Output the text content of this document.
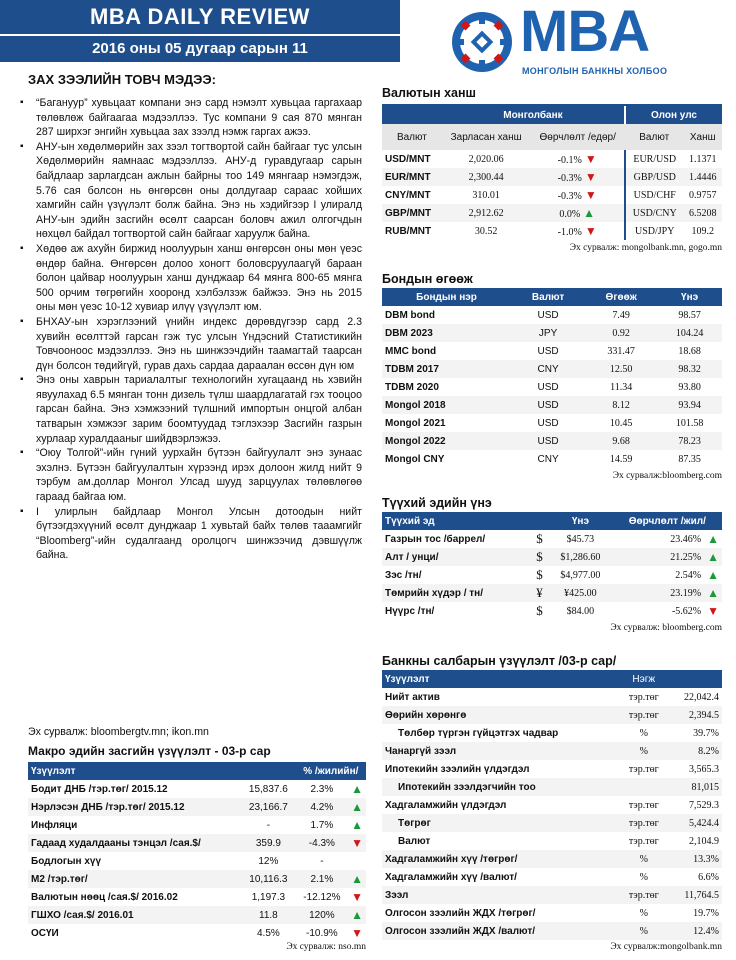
MBA DAILY REVIEW
2016 оны 05 дугаар сарын 11	MBA
МОНГОЛЫН БАНКНЫ ХОЛБОО
ЗАХ ЗЭЭЛИЙН ТОВЧ МЭДЭЭ:
▪ “Багануур” хувьцаат компани энэ сард нэмэлт хувьцаа гаргахаар төлөвлөж байгаагаа мэдээллээ. Тус компани 9 сая 870 мянган 287 ширхэг энгийн хувьцаа зах зээлд нэмж гаргах ажээ.
▪ АНУ-ын хөдөлмөрийн зах зээл тогтвортой сайн байгааг тус улсын Хөдөлмөрийн яамнаас мэдээллээ. АНУ-д гуравдугаар сарын байдлаар зарлагдсан ажлын байрны тоо 149 мянгаар нэмэгдэж, 5.76 сая болсон нь өнгөрсөн оны долдугаар сараас хойших хамгийн сайн үзүүлэлт болж байна. Энэ нь хэдийгээр I улиралд АНУ-ын эдийн засгийн өсөлт саарсан боловч ажил олгогчдын нөхцөл байдал тогтвортой сайн байгааг харуулж байна.
▪ Хөдөө аж ахуйн биржид ноолуурын ханш өнгөрсөн оны мөн үеэс өндөр байна. Өнгөрсөн долоо хоногт боловсруулаагүй бараан болон цайвар ноолуурын ханш дунджаар 64 мянга 800-65 мянга 500 орчим төгрөгийн хооронд хэлбэлзэж байжээ. Энэ нь 2015 оны мөн үеэс 10-12 хувиар илүү үзүүлэлт юм.
▪ БНХАУ-ын хэрэглээний үнийн индекс дөрөвдүгээр сард 2.3 хувийн өсөлттэй гарсан гэж тус улсын Үндэсний Статистикийн Товчооноос мэдээллээ. Энэ нь шинжээчдийн таамагтай таарсан дүн болсон төдийгүй, гурав дахь сардаа дараалан өссөн дүн юм
▪ Энэ оны хаврын тариалалтыг технологийн хугацаанд нь хэвийн явуулахад 6.5 мянган тонн дизель түлш шаардлагатай гэх тооцоо гарсан байна. Энэ хэмжээний түлшний импортын онцгой албан татварын хэмжээг зарим боомтуудад тэглэхээр Засгийн газрын хурлаар хуралдааныг шийдвэрлэжээ.
▪ “Оюу Толгой”-ийн гүний уурхайн бүтээн байгуулалт энэ зунаас эхэлнэ. Бүтээн байгуулалтын хүрээнд ирэх долоон жилд нийт 9 тэрбум ам.доллар Монгол Улсад шууд зарцуулах төлөвлөгөө гараад байгаа юм.
▪ I улирлын байдлаар Монгол Улсын дотоодын нийт бүтээгдэхүүний өсөлт дунджаар 1 хувьтай байх төлөв тааамгийг “Bloomberg”-ийн судалгаанд оролцогч шинжээчид дэвшүүлж байна.
Эх сурвалж: bloombergtv.mn; ikon.mn
Макро эдийн засгийн үзүүлэлт - 03-р сар
Үзүүлэлт		% /жилийн/	
Бодит ДНБ /тэр.төг/ 2015.12	15,837.6	2.3%	▲
Нэрлэсэн ДНБ /тэр.төг/ 2015.12	23,166.7	4.2%	▲
Инфляци	-	1.7%	▲
Гадаад худалдааны тэнцэл /сая.$/	359.9	-4.3%	▼
Бодлогын хүү	12%	-	
М2 /тэр.төг/	10,116.3	2.1%	▲
Валютын нөөц /сая.$/ 2016.02	1,197.3	-12.12%	▼
ГШХО /сая.$/ 2016.01	11.8	120%	▲
ОСҮИ	4.5%	-10.9%	▼
Эх сурвалж: nso.mn
Валютын ханш
	Монголбанк		Олон улс	
Валют	Зарласан ханш	Өөрчлөлт /едөр/	Валют	Ханш
USD/MNT	2,020.06	-0.1% ▼	EUR/USD	1.1371
EUR/MNT	2,300.44	-0.3% ▼	GBP/USD	1.4446
CNY/MNT	310.01	-0.3% ▼	USD/CHF	0.9757
GBP/MNT	2,912.62	0.0% ▲	USD/CNY	6.5208
RUB/MNT	30.52	-1.0% ▼	USD/JPY	109.2
Эх сурвалж: mongolbank.mn, gogo.mn
Бондын өгөөж
Бондын нэр	Валют	Өгөөж	Үнэ
DBM bond	USD	7.49	98.57
DBM 2023	JPY	0.92	104.24
MMC bond	USD	331.47	18.68
TDBM 2017	CNY	12.50	98.32
TDBM 2020	USD	11.34	93.80
Mongol 2018	USD	8.12	93.94
Mongol 2021	USD	10.45	101.58
Mongol 2022	USD	9.68	78.23
Mongol CNY	CNY	14.59	87.35
Эх сурвалж:bloomberg.com
Түүхий эдийн үнэ
Түүхий эд		Үнэ	Өөрчлөлт /жил/	
Газрын тос /баррел/	$	$45.73	23.46%	▲
Алт / унци/	$	$1,286.60	21.25%	▲
Зэс /тн/	$	$4,977.00	2.54%	▲
Төмрийн хүдэр / тн/	¥	¥425.00	23.19%	▲
Нүүрс /тн/	$	$84.00	-5.62%	▼
Эх сурвалж: bloomberg.com
Банкны салбарын үзүүлэлт /03-р сар/
Үзүүлэлт	Нэгж	
Нийт актив	тэр.төг	22,042.4
Өөрийн хөрөнгө	тэр.төг	2,394.5
Төлбөр түргэн гүйцэтгэх чадвар	%	39.7%
Чанаргүй зээл	%	8.2%
Ипотекийн зээлийн үлдэгдэл	тэр.төг	3,565.3
Ипотекийн зээлдэгчийн тоо		81,015
Хадгаламжийн үлдэгдэл	тэр.төг	7,529.3
Төгрөг	тэр.төг	5,424.4
Валют	тэр.төг	2,104.9
Хадгаламжийн хүү /төгрөг/	%	13.3%
Хадгаламжийн хүү /валют/	%	6.6%
Зээл	тэр.төг	11,764.5
Олгосон зээлийн ЖДХ /төгрөг/	%	19.7%
Олгосон зээлийн ЖДХ /валют/	%	12.4%
Эх сурвалж:mongolbank.mn
